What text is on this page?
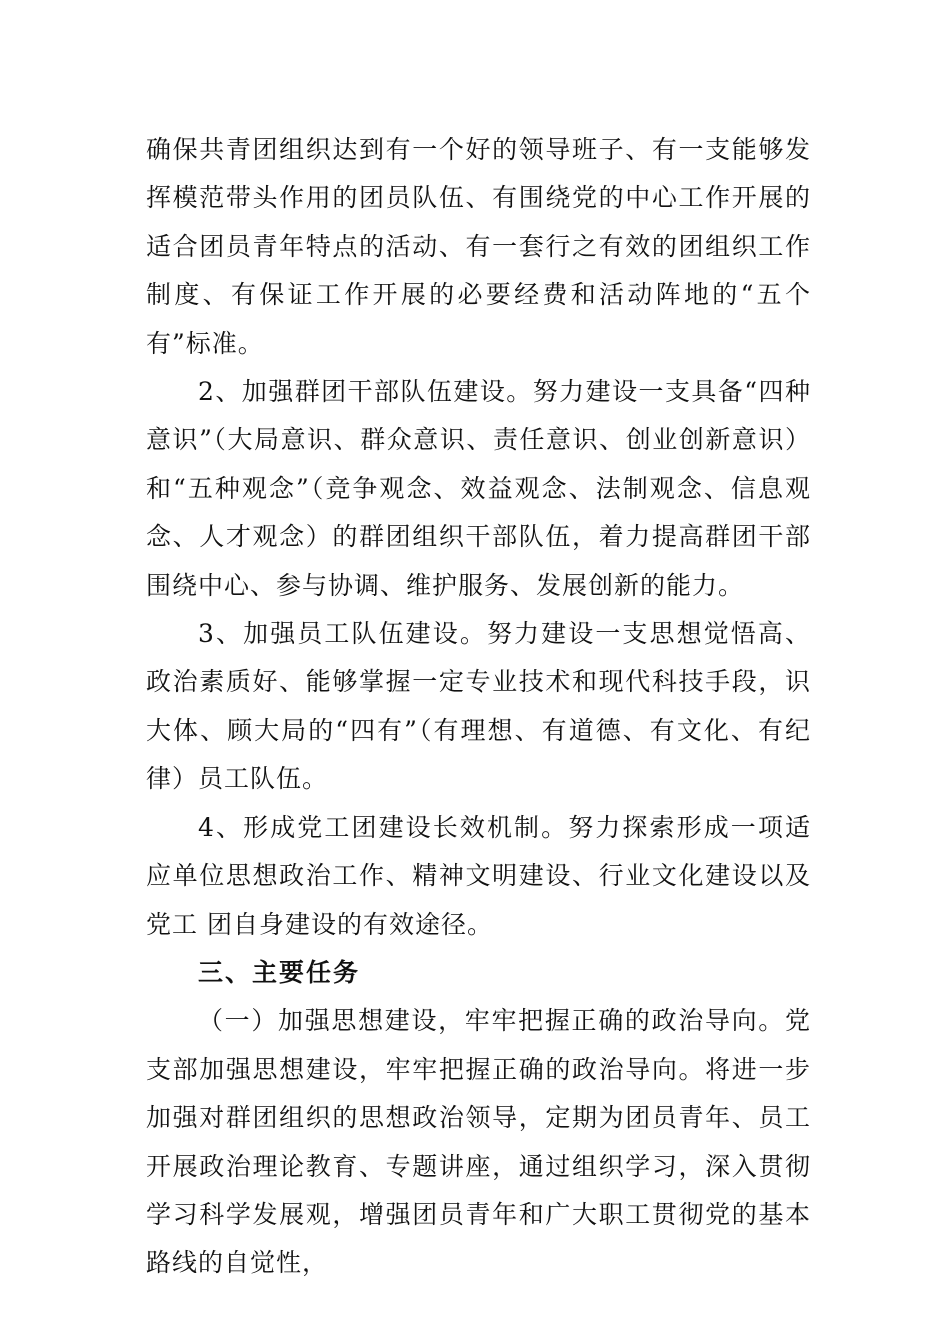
确保共青团组织达到有一个好的领导班子、有一支能够发挥模范带头作用的团员队伍、有围绕党的中心工作开展的适合团员青年特点的活动、有一套行之有效的团组织工作制度、有保证工作开展的必要经费和活动阵地的“五个有”标准。

2、加强群团干部队伍建设。努力建设一支具备“四种意识”（大局意识、群众意识、责任意识、创业创新意识）和“五种观念”（竞争观念、效益观念、法制观念、信息观念、人才观念）的群团组织干部队伍，着力提高群团干部围绕中心、参与协调、维护服务、发展创新的能力。

3、加强员工队伍建设。努力建设一支思想觉悟高、政治素质好、能够掌握一定专业技术和现代科技手段，识大体、顾大局的“四有”（有理想、有道德、有文化、有纪律）员工队伍。

4、形成党工团建设长效机制。努力探索形成一项适应单位思想政治工作、精神文明建设、行业文化建设以及党工 团自身建设的有效途径。

三、主要任务

（一）加强思想建设，牢牢把握正确的政治导向。党支部加强思想建设，牢牢把握正确的政治导向。将进一步加强对群团组织的思想政治领导，定期为团员青年、员工开展政治理论教育、专题讲座，通过组织学习，深入贯彻学习科学发展观，增强团员青年和广大职工贯彻党的基本路线的自觉性，
